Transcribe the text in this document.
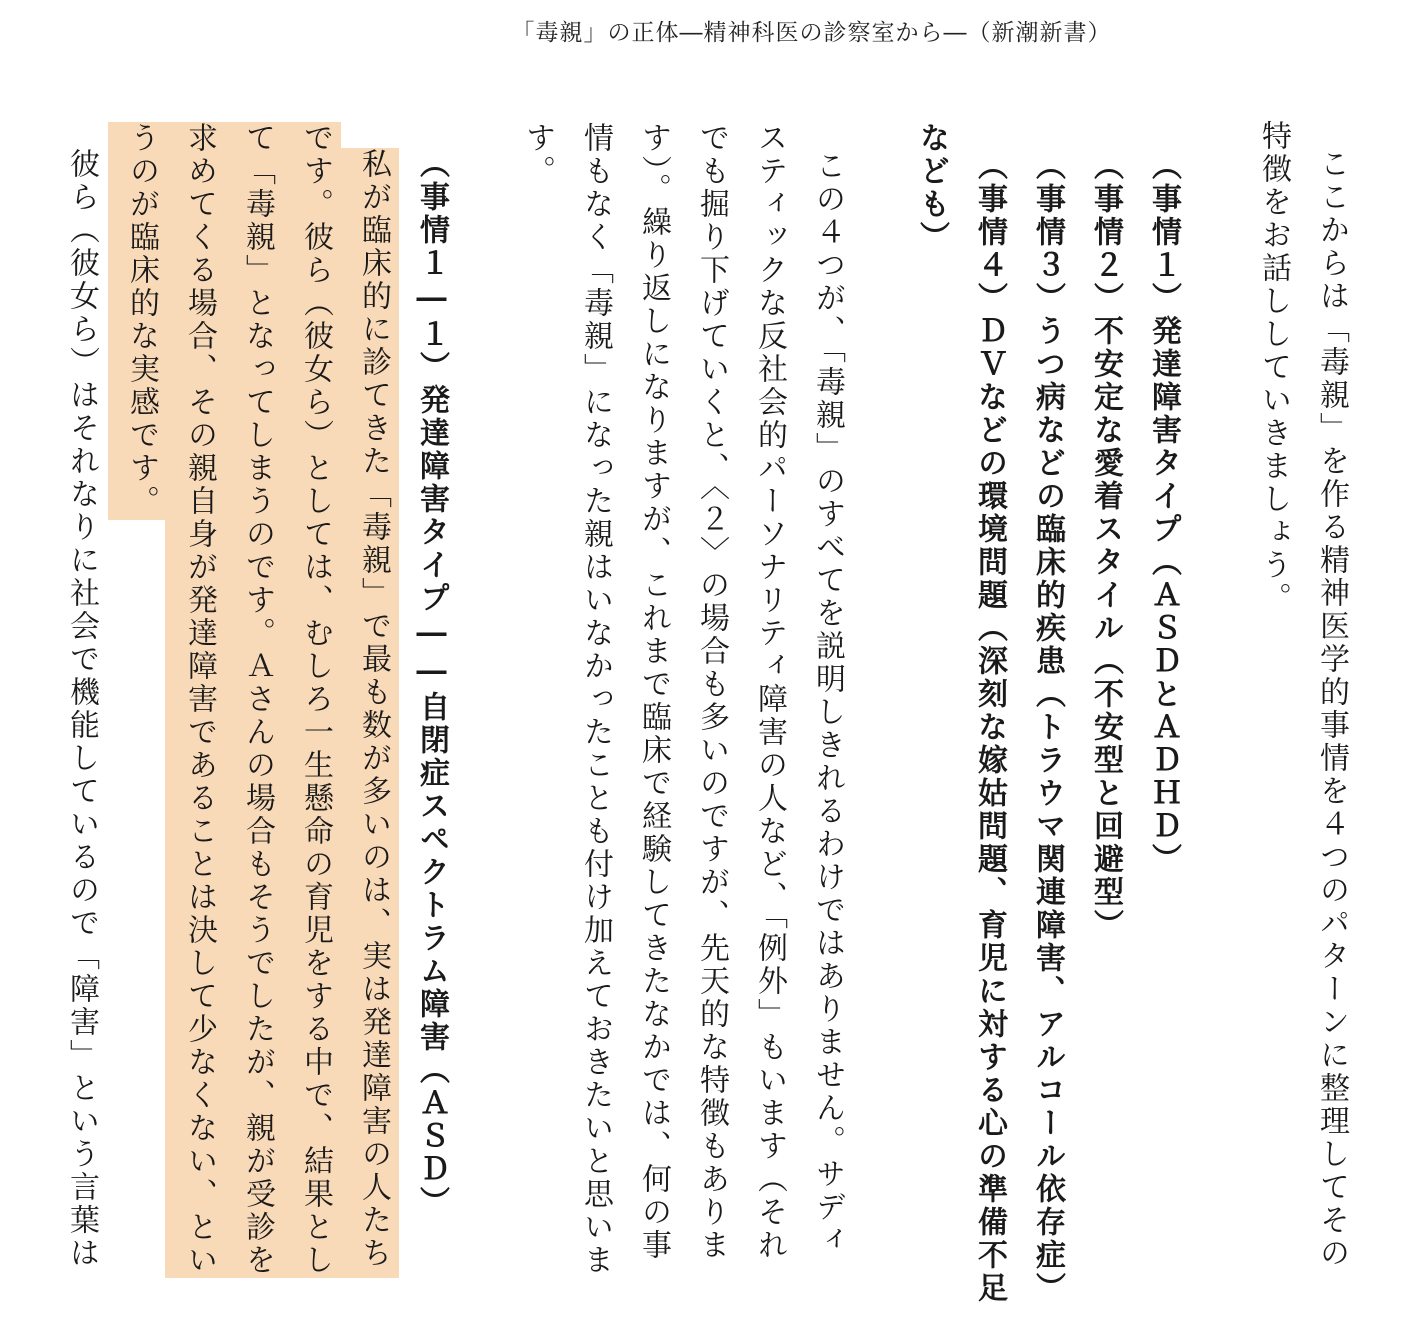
「毒親」の正体―精神科医の診察室から―（新潮新書）
ここからは「毒親」を作る精神医学的事情を４つのパターンに整理してその
特徴をお話ししていきましょう。
（事情１）発達障害タイプ（ＡＳＤとＡＤＨＤ）
（事情２）不安定な愛着スタイル（不安型と回避型）
（事情３）うつ病などの臨床的疾患（トラウマ関連障害、アルコール依存症）
（事情４）ＤＶなどの環境問題（深刻な嫁姑問題、育児に対する心の準備不足
なども）
この４つが、「毒親」のすべてを説明しきれるわけではありません。サディ
スティックな反社会的パーソナリティ障害の人など、「例外」もいます（それ
でも掘り下げていくと、〈２〉の場合も多いのですが、先天的な特徴もありま
す）。繰り返しになりますが、これまで臨床で経験してきたなかでは、何の事
情もなく「毒親」になった親はいなかったことも付け加えておきたいと思いま
す。
（事情１―１）発達障害タイプ――自閉症スペクトラム障害（ＡＳＤ）
私が臨床的に診てきた「毒親」で最も数が多いのは、実は発達障害の人たち
です。彼ら（彼女ら）としては、むしろ一生懸命の育児をする中で、結果とし
て「毒親」となってしまうのです。Ａさんの場合もそうでしたが、親が受診を
求めてくる場合、その親自身が発達障害であることは決して少なくない、とい
うのが臨床的な実感です。
彼ら（彼女ら）はそれなりに社会で機能しているので「障害」という言葉は
